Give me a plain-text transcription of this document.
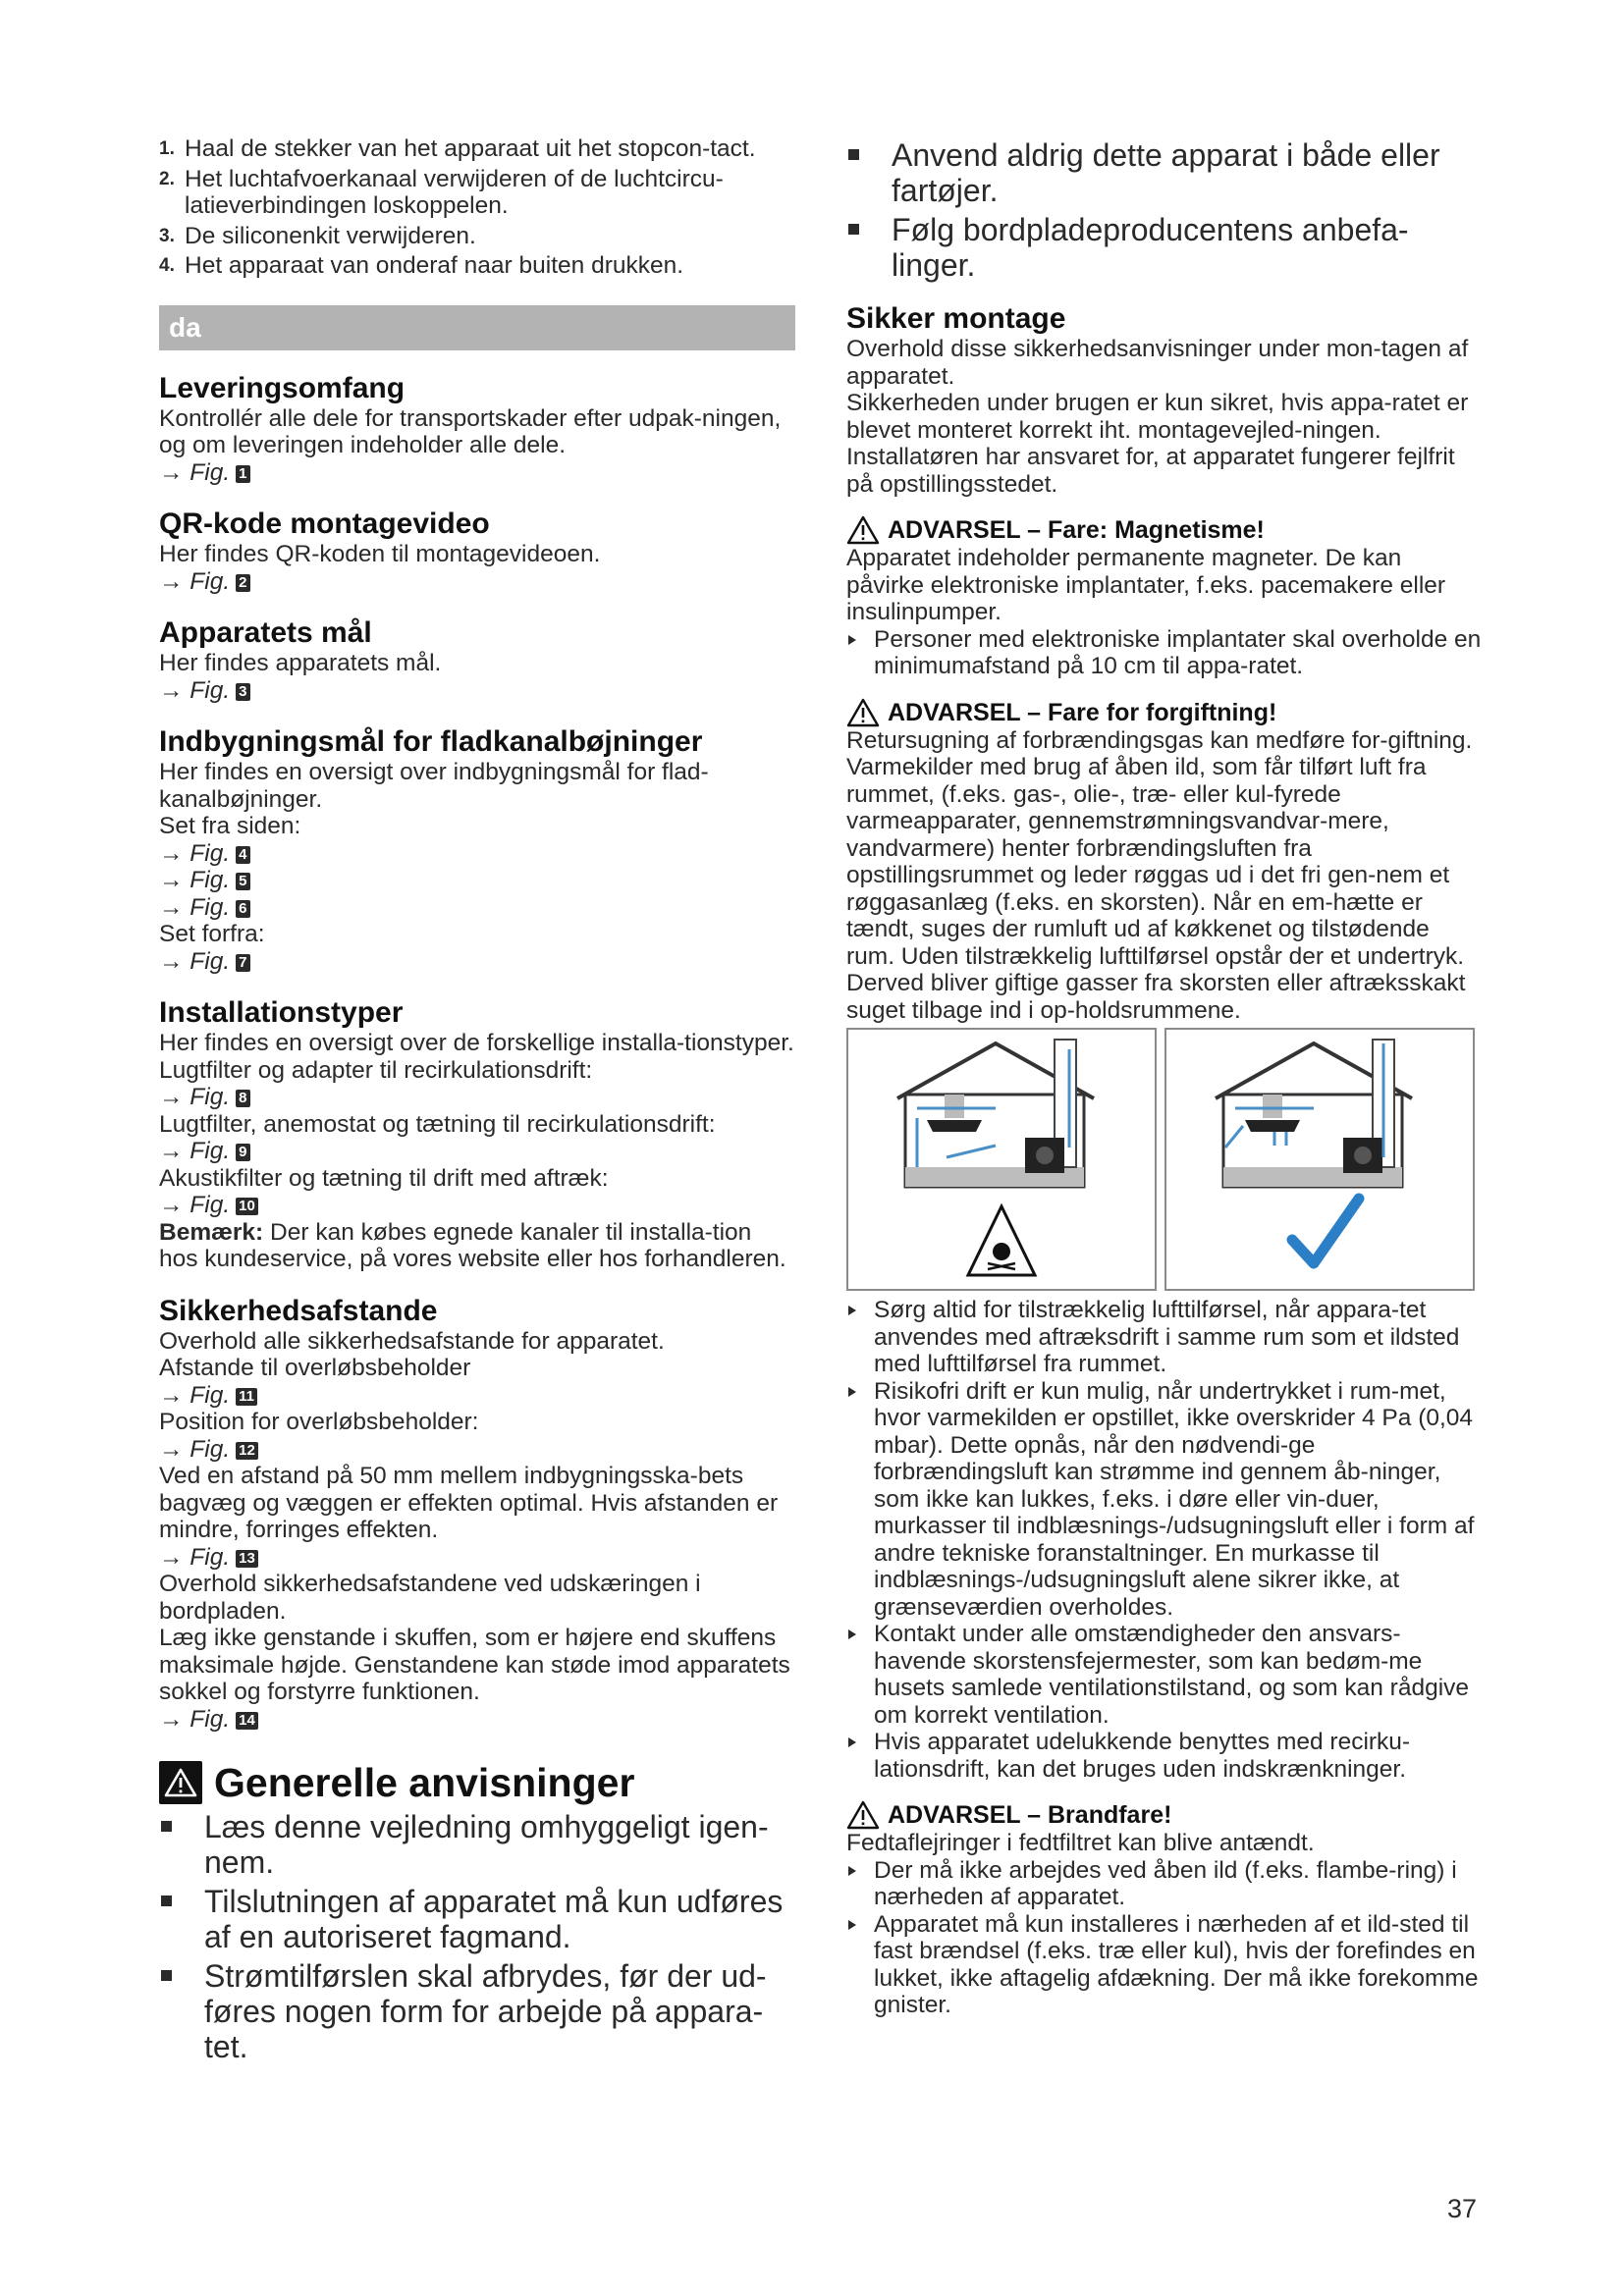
1. Haal de stekker van het apparaat uit het stopcon-tact.
2. Het luchtafvoerkanaal verwijderen of de luchtcircu-latieverbindingen loskoppelen.
3. De siliconenkit verwijderen.
4. Het apparaat van onderaf naar buiten drukken.
da
Leveringsomfang

Kontrollér alle dele for transportskader efter udpak-ningen, og om leveringen indeholder alle dele.

→ Fig. 1

QR-kode montagevideo

Her findes QR-koden til montagevideoen.

→ Fig. 2

Apparatets mål

Her findes apparatets mål.

→ Fig. 3

Indbygningsmål for fladkanalbøjninger

Her findes en oversigt over indbygningsmål for flad-kanalbøjninger.

Set fra siden:

→ Fig. 4

→ Fig. 5

→ Fig. 6

Set forfra:

→ Fig. 7

Installationstyper

Her findes en oversigt over de forskellige installa-tionstyper.

Lugtfilter og adapter til recirkulationsdrift:

→ Fig. 8

Lugtfilter, anemostat og tætning til recirkulationsdrift:

→ Fig. 9

Akustikfilter og tætning til drift med aftræk:

→ Fig. 10

Bemærk: Der kan købes egnede kanaler til installa-tion hos kundeservice, på vores website eller hos forhandleren.

Sikkerhedsafstande

Overhold alle sikkerhedsafstande for apparatet.

Afstande til overløbsbeholder

→ Fig. 11

Position for overløbsbeholder:

→ Fig. 12

Ved en afstand på 50 mm mellem indbygningsska-bets bagvæg og væggen er effekten optimal. Hvis afstanden er mindre, forringes effekten.

→ Fig. 13

Overhold sikkerhedsafstandene ved udskæringen i bordpladen.

Læg ikke genstande i skuffen, som er højere end skuffens maksimale højde. Genstandene kan støde imod apparatets sokkel og forstyrre funktionen.

→ Fig. 14

Generelle anvisninger
Læs denne vejledning omhyggeligt igen-nem.
Tilslutningen af apparatet må kun udføres af en autoriseret fagmand.
Strømtilførslen skal afbrydes, før der ud-føres nogen form for arbejde på appara-tet.
Anvend aldrig dette apparat i både eller fartøjer.
Følg bordpladeproducentens anbefa-linger.
Sikker montage

Overhold disse sikkerhedsanvisninger under mon-tagen af apparatet.

Sikkerheden under brugen er kun sikret, hvis appa-ratet er blevet monteret korrekt iht. montagevejled-ningen. Installatøren har ansvaret for, at apparatet fungerer fejlfrit på opstillingsstedet.

ADVARSEL – Fare: Magnetisme!

Apparatet indeholder permanente magneter. De kan påvirke elektroniske implantater, f.eks. pacemakere eller insulinpumper.

Personer med elektroniske implantater skal overholde en minimumafstand på 10 cm til appa-ratet.
ADVARSEL – Fare for forgiftning!

Retursugning af forbrændingsgas kan medføre for-giftning. Varmekilder med brug af åben ild, som får tilført luft fra rummet, (f.eks. gas-, olie-, træ- eller kul-fyrede varmeapparater, gennemstrømningsvandvar-mere, vandvarmere) henter forbrændingsluften fra opstillingsrummet og leder røggas ud i det fri gen-nem et røggasanlæg (f.eks. en skorsten). Når en em-hætte er tændt, suges der rumluft ud af køkkenet og tilstødende rum. Uden tilstrækkelig lufttilførsel opstår der et undertryk. Derved bliver giftige gasser fra skorsten eller aftræksskakt suget tilbage ind i op-holdsrummene.

Sørg altid for tilstrækkelig lufttilførsel, når appara-tet anvendes med aftræksdrift i samme rum som et ildsted med lufttilførsel fra rummet.
Risikofri drift er kun mulig, når undertrykket i rum-met, hvor varmekilden er opstillet, ikke overskrider 4 Pa (0,04 mbar). Dette opnås, når den nødvendi-ge forbrændingsluft kan strømme ind gennem åb-ninger, som ikke kan lukkes, f.eks. i døre eller vin-duer, murkasser til indblæsnings-/udsugningsluft eller i form af andre tekniske foranstaltninger. En murkasse til indblæsnings-/udsugningsluft alene sikrer ikke, at grænseværdien overholdes.
Kontakt under alle omstændigheder den ansvars-havende skorstensfejermester, som kan bedøm-me husets samlede ventilationstilstand, og som kan rådgive om korrekt ventilation.
Hvis apparatet udelukkende benyttes med recirku-lationsdrift, kan det bruges uden indskrænkninger.
ADVARSEL – Brandfare!

Fedtaflejringer i fedtfiltret kan blive antændt.

Der må ikke arbejdes ved åben ild (f.eks. flambe-ring) i nærheden af apparatet.
Apparatet må kun installeres i nærheden af et ild-sted til fast brændsel (f.eks. træ eller kul), hvis der forefindes en lukket, ikke aftagelig afdækning. Der må ikke forekomme gnister.
37
